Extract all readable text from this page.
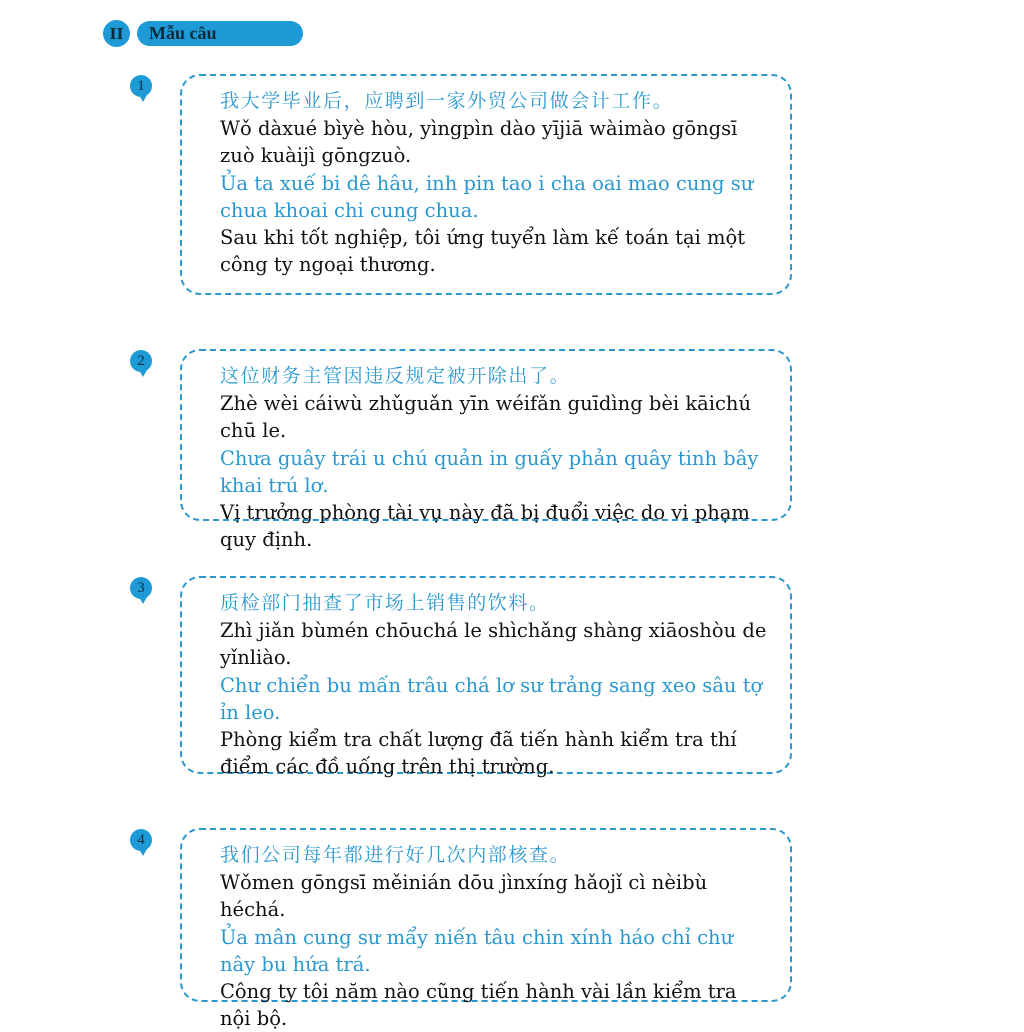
II	Mẫu câu
1
我大学毕业后，应聘到一家外贸公司做会计工作。
Wǒ dàxué bìyè hòu, yìngpìn dào yījiā wàimào gōngsī zuò kuàijì gōngzuò.
Ủa ta xuế bi dê hâu, inh pin tao i cha oai mao cung sư chua khoai chi cung chua.
Sau khi tốt nghiệp, tôi ứng tuyển làm kế toán tại một công ty ngoại thương.
2
这位财务主管因违反规定被开除出了。
Zhè wèi cáiwù zhǔguǎn yīn wéifǎn guīdìng bèi kāichú chū le.
Chưa guây trái u chú quản in guấy phản quây tinh bây khai trú lơ.
Vị trưởng phòng tài vụ này đã bị đuổi việc do vi phạm quy định.
3
质检部门抽查了市场上销售的饮料。
Zhì jiǎn bùmén chōuchá le shìchǎng shàng xiāoshòu de yǐnliào.
Chư chiển bu mấn trâu chá lơ sư trảng sang xeo sâu tợ ỉn leo.
Phòng kiểm tra chất lượng đã tiến hành kiểm tra thí điểm các đồ uống trên thị trường.
4
我们公司每年都进行好几次内部核查。
Wǒmen gōngsī měinián dōu jìnxíng hǎojǐ cì nèibù héchá.
Ủa mân cung sư mẩy niến tâu chin xính háo chỉ chư nây bu hứa trá.
Công ty tôi năm nào cũng tiến hành vài lần kiểm tra nội bộ.
